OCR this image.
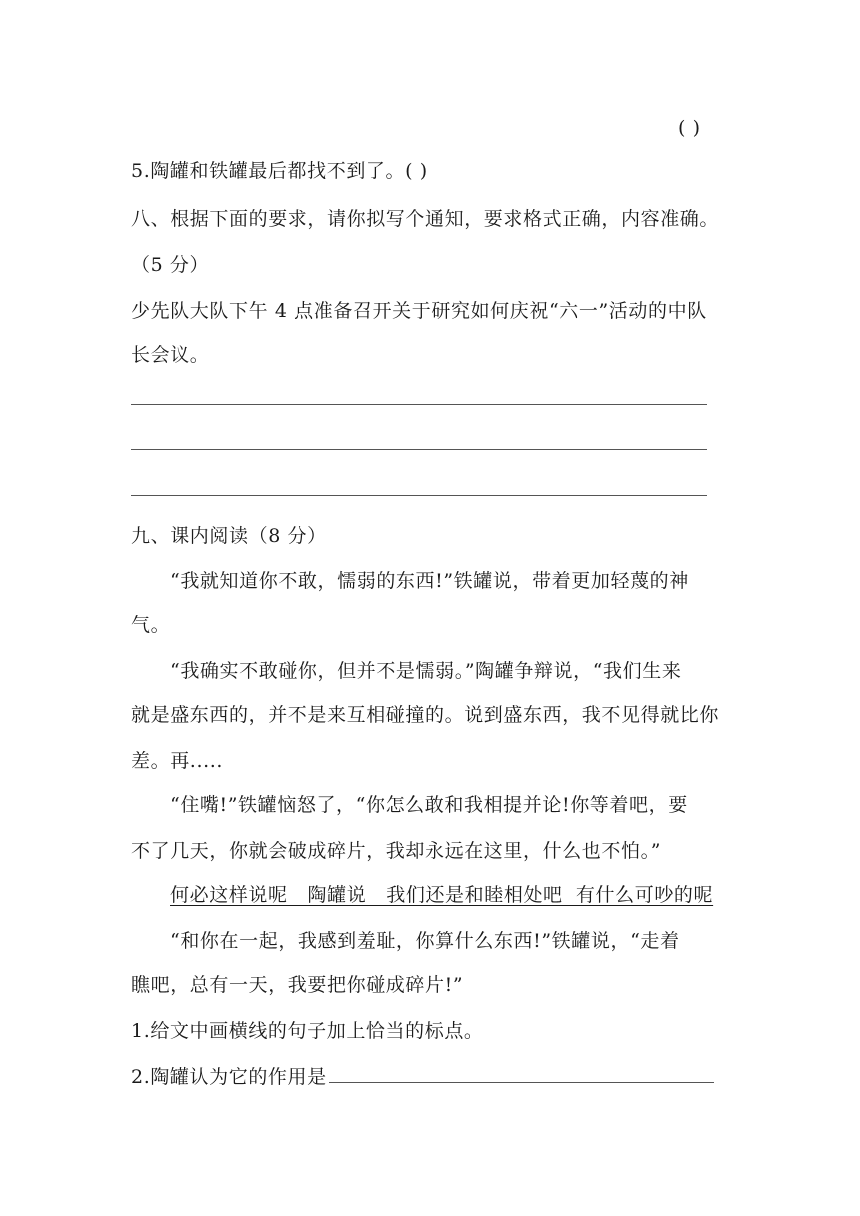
( )
5.陶罐和铁罐最后都找不到了。( )
八、根据下面的要求，请你拟写个通知，要求格式正确，内容准确。
（5 分）
少先队大队下午 4 点准备召开关于研究如何庆祝“六一”活动的中队
长会议。
九、课内阅读（8 分）
“我就知道你不敢，懦弱的东西!”铁罐说，带着更加轻蔑的神
气。
“我确实不敢碰你，但并不是懦弱。”陶罐争辩说，“我们生来
就是盛东西的，并不是来互相碰撞的。说到盛东西，我不见得就比你
差。再.....
“住嘴!”铁罐恼怒了，“你怎么敢和我相提并论!你等着吧，要
不了几天，你就会破成碎片，我却永远在这里，什么也不怕。”
何必这样说呢   陶罐说   我们还是和睦相处吧  有什么可吵的呢
“和你在一起，我感到羞耻，你算什么东西!”铁罐说，“走着
瞧吧，总有一天，我要把你碰成碎片!”
1.给文中画横线的句子加上恰当的标点。
2.陶罐认为它的作用是
